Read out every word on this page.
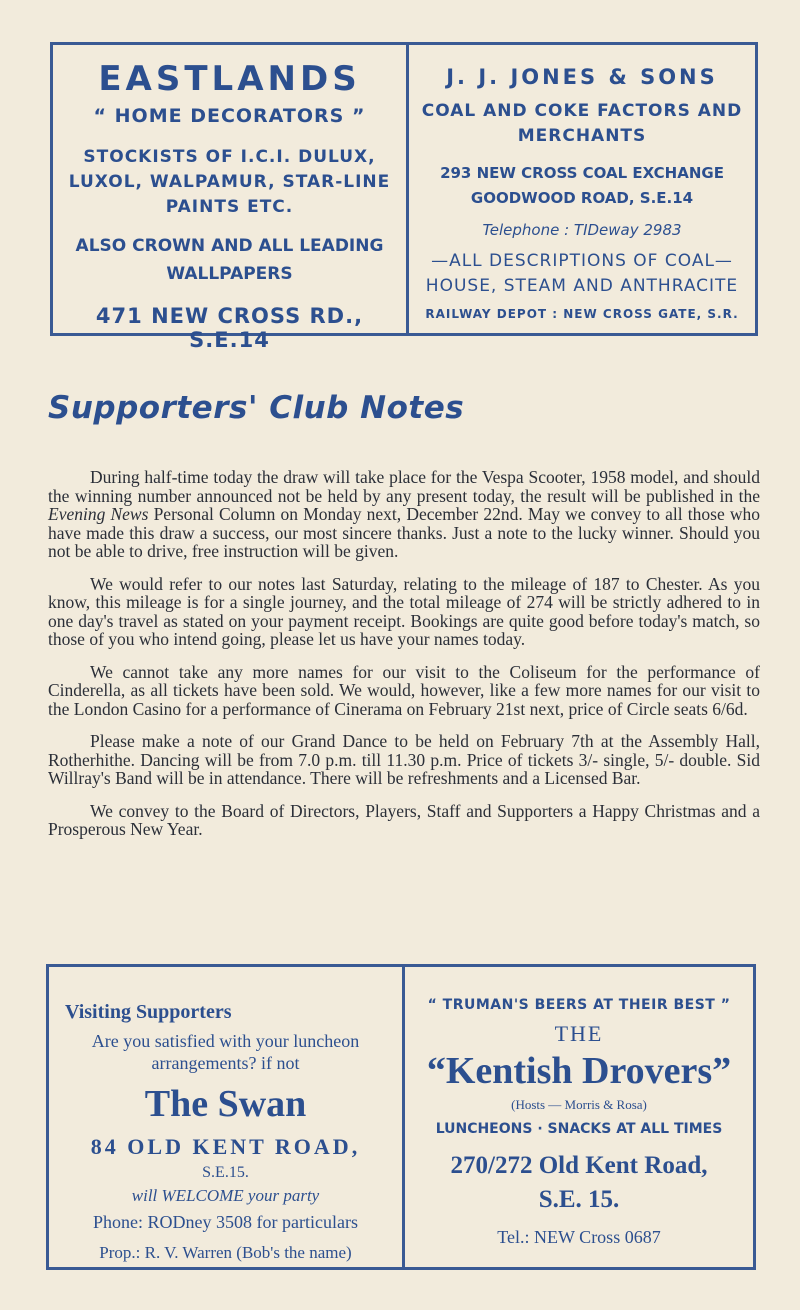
EASTLANDS
“ HOME DECORATORS ”
STOCKISTS OF I.C.I. DULUX, LUXOL, WALPAMUR, STAR-LINE PAINTS ETC.
ALSO CROWN AND ALL LEADING WALLPAPERS
471 NEW CROSS RD., S.E.14
J. J. JONES & SONS
COAL AND COKE FACTORS AND MERCHANTS
293 NEW CROSS COAL EXCHANGE GOODWOOD ROAD, S.E.14
Telephone : TIDeway 2983
—ALL DESCRIPTIONS OF COAL— HOUSE, STEAM AND ANTHRACITE
RAILWAY DEPOT : NEW CROSS GATE, S.R.
Supporters' Club Notes

During half-time today the draw will take place for the Vespa Scooter, 1958 model, and should the winning number announced not be held by any present today, the result will be published in the Evening News Personal Column on Monday next, December 22nd. May we convey to all those who have made this draw a success, our most sincere thanks. Just a note to the lucky winner. Should you not be able to drive, free instruction will be given.

We would refer to our notes last Saturday, relating to the mileage of 187 to Chester. As you know, this mileage is for a single journey, and the total mileage of 274 will be strictly adhered to in one day's travel as stated on your payment receipt. Bookings are quite good before today's match, so those of you who intend going, please let us have your names today.

We cannot take any more names for our visit to the Coliseum for the performance of Cinderella, as all tickets have been sold. We would, however, like a few more names for our visit to the London Casino for a performance of Cinerama on February 21st next, price of Circle seats 6/6d.

Please make a note of our Grand Dance to be held on February 7th at the Assembly Hall, Rotherhithe. Dancing will be from 7.0 p.m. till 11.30 p.m. Price of tickets 3/- single, 5/- double. Sid Willray's Band will be in attendance. There will be refreshments and a Licensed Bar.

We convey to the Board of Directors, Players, Staff and Supporters a Happy Christmas and a Prosperous New Year.

Visiting Supporters
Are you satisfied with your luncheon arrangements? if not
The Swan
84 OLD KENT ROAD,
S.E.15.
will WELCOME your party
Phone: RODney 3508 for particulars
Prop.: R. V. Warren (Bob's the name)
“ TRUMAN'S BEERS AT THEIR BEST ”
THE
“Kentish Drovers”
(Hosts — Morris & Rosa)
LUNCHEONS · SNACKS AT ALL TIMES
270/272 Old Kent Road,
S.E. 15.
Tel.: NEW Cross 0687
